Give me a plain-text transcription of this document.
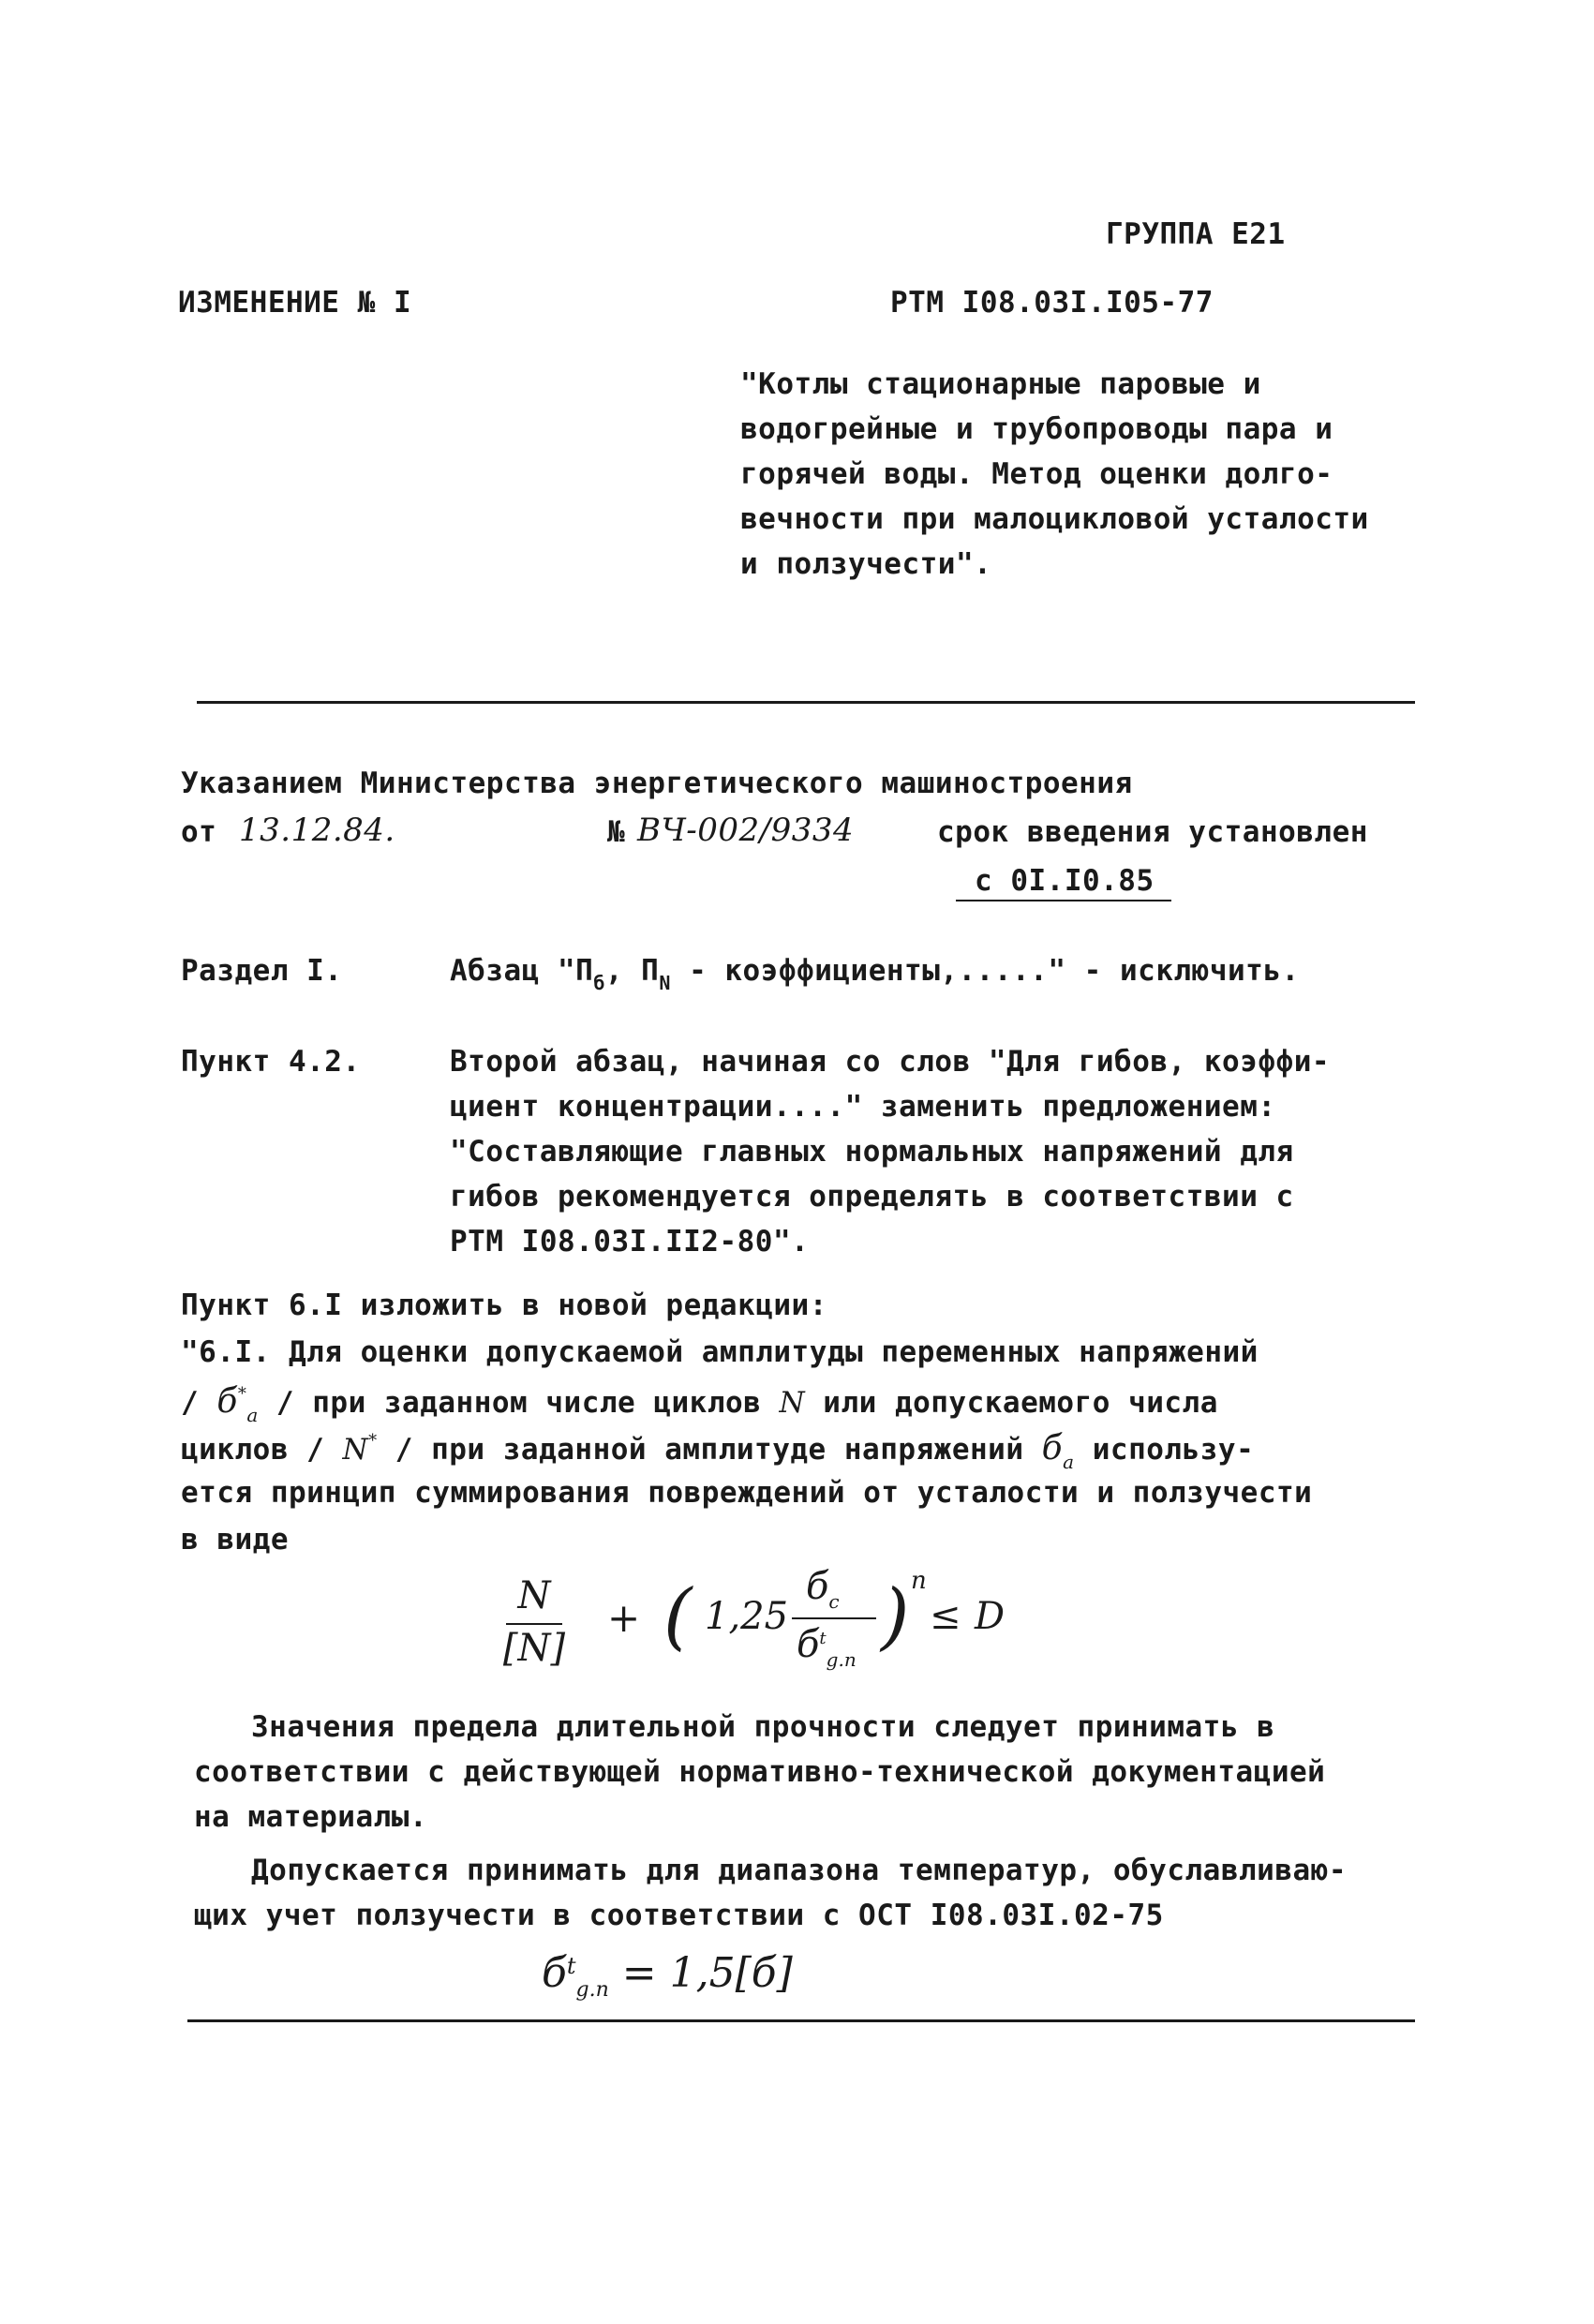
ГРУППА Е21
ИЗМЕНЕНИЕ № I	РТМ I08.03I.I05-77
"Котлы стационарные паровые и
водогрейные и трубопроводы пара и
горячей воды. Метод оценки долго-
вечности при малоцикловой усталости
и ползучести".
Указанием Министерства энергетического машиностроения
от 13.12.84.	№ ВЧ-002/9334	срок введения установлен
с 0I.I0.85
Раздел I.	Абзац "$П_б$, $П_N$ - коэффициенты,....." - исключить.
Пункт 4.2.	Второй абзац, начиная со слов "Для гибов, коэффи-
циент концентрации...." заменить предложением:
"Составляющие главных нормальных напряжений для
гибов рекомендуется определять в соответствии с
РТМ I08.03I.II2-80".
Пункт 6.I изложить в новой редакции:
"6.I. Для оценки допускаемой амплитуды переменных напряжений
/ $б^*_a$ / при заданном числе циклов N или допускаемого числа
циклов / N* / при заданной амплитуде напряжений $б_a$ использу-
ется принцип суммирования повреждений от усталости и ползучести
в виде
N
[N]
+ ( 1,25
$б_c$
$б^t_{g.n}$
) n
≤ D
Значения предела длительной прочности следует принимать в
соответствии с действующей нормативно-технической документацией
на материалы.
Допускается принимать для диапазона температур, обуславливаю-
щих учет ползучести в соответствии с ОСТ I08.03I.02-75
$б^t_{g.n} = 1,5[б]$
